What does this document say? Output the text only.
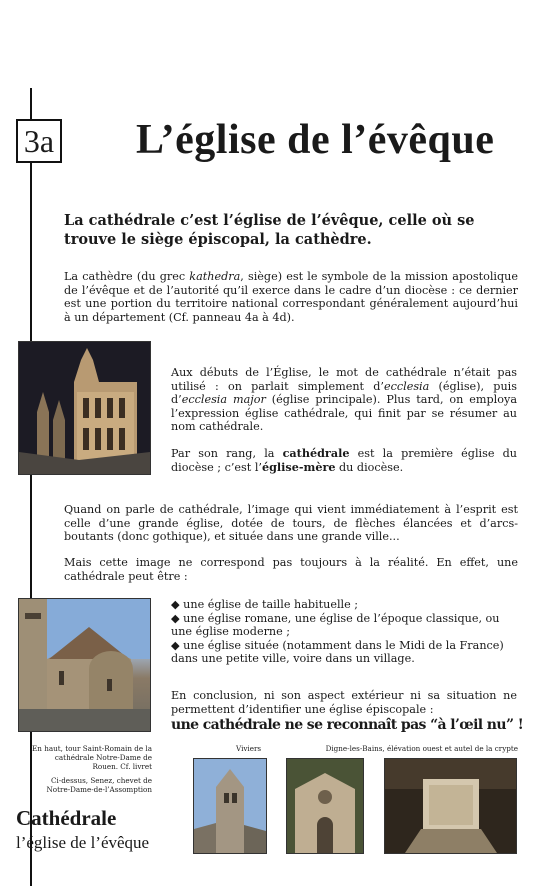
3a L’église de l’évêque
La cathédrale c’est l’église de l’évêque, celle où se trouve le siège épiscopal, la cathèdre.
La cathèdre (du grec kathedra, siège) est le symbole de la mission apostolique de l’évêque et de l’autorité qu’il exerce dans le cadre d’un diocèse : ce dernier est une portion du territoire national correspondant généralement aujourd’hui à un département (Cf. panneau 4a à 4d).
Aux débuts de l’Église, le mot de cathédrale n’était pas utilisé : on parlait simplement d’ecclesia (église), puis d’ecclesia major (église principale). Plus tard, on employa l’expression église cathédrale, qui finit par se résumer au nom cathédrale.
Par son rang, la cathédrale est la première église du diocèse ; c’est l’église-mère du diocèse.
Quand on parle de cathédrale, l’image qui vient immédiatement à l’esprit est celle d’une grande église, dotée de tours, de flèches élancées et d’arcs-boutants (donc gothique), et située dans une grande ville...
Mais cette image ne correspond pas toujours à la réalité. En effet, une cathédrale peut être :
◆ une église de taille habituelle ;
◆ une église romane, une église de l’époque classique, ou une église moderne ;
◆ une église située (notamment dans le Midi de la France) dans une petite ville, voire dans un village.
En conclusion, ni son aspect extérieur ni sa situation ne permettent d’identifier une église épiscopale :
une cathédrale ne se reconnaît pas “à l’œil nu” !
En haut, tour Saint-Romain de la cathédrale Notre-Dame de Rouen. Cf. livret
Ci-dessus, Senez, chevet de Notre-Dame-de-l’Assomption
Viviers	Digne-les-Bains, élévation ouest et autel de la crypte
Cathédrale
l’église de l’évêque
